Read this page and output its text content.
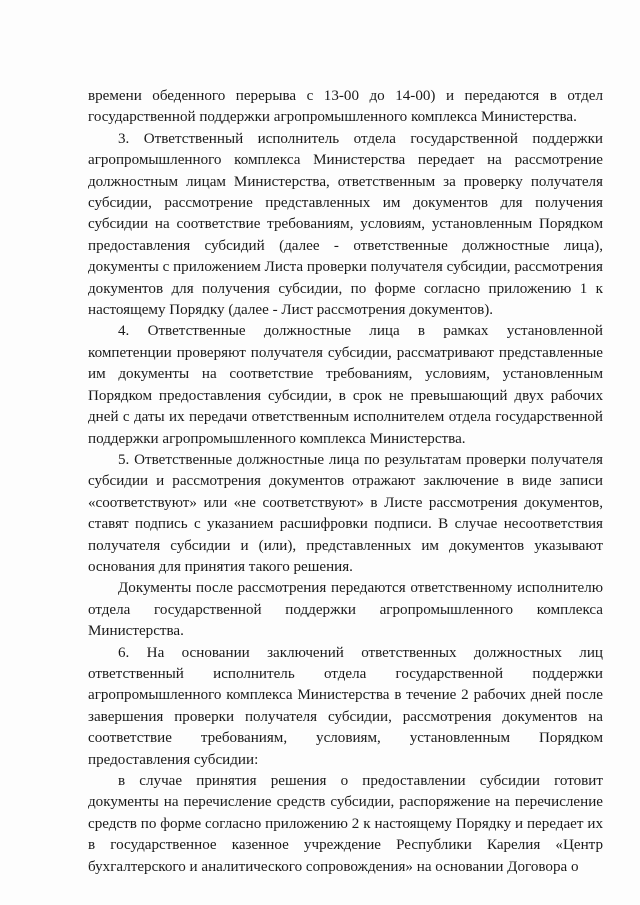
времени обеденного перерыва с 13-00 до 14-00) и передаются в отдел государственной поддержки агропромышленного комплекса Министерства.

3. Ответственный исполнитель отдела государственной поддержки агропромышленного комплекса Министерства передает на рассмотрение должностным лицам Министерства, ответственным за проверку получателя субсидии, рассмотрение представленных им документов для получения субсидии на соответствие требованиям, условиям, установленным Порядком предоставления субсидий (далее - ответственные должностные лица), документы с приложением Листа проверки получателя субсидии, рассмотрения документов для получения субсидии, по форме согласно приложению 1 к настоящему Порядку (далее - Лист рассмотрения документов).

4. Ответственные должностные лица в рамках установленной компетенции проверяют получателя субсидии, рассматривают представленные им документы на соответствие требованиям, условиям, установленным Порядком предоставления субсидии, в срок не превышающий двух рабочих дней с даты их передачи ответственным исполнителем отдела государственной поддержки агропромышленного комплекса Министерства.

5. Ответственные должностные лица по результатам проверки получателя субсидии и рассмотрения документов отражают заключение в виде записи «соответствуют» или «не соответствуют» в Листе рассмотрения документов, ставят подпись с указанием расшифровки подписи. В случае несоответствия получателя субсидии и (или), представленных им документов указывают основания для принятия такого решения.

Документы после рассмотрения передаются ответственному исполнителю отдела государственной поддержки агропромышленного комплекса Министерства.

6. На основании заключений ответственных должностных лиц ответственный исполнитель отдела государственной поддержки агропромышленного комплекса Министерства в течение 2 рабочих дней после завершения проверки получателя субсидии, рассмотрения документов на соответствие требованиям, условиям, установленным Порядком предоставления субсидии:

в случае принятия решения о предоставлении субсидии готовит документы на перечисление средств субсидии, распоряжение на перечисление средств по форме согласно приложению 2 к настоящему Порядку и передает их в государственное казенное учреждение Республики Карелия «Центр бухгалтерского и аналитического сопровождения» на основании Договора о
